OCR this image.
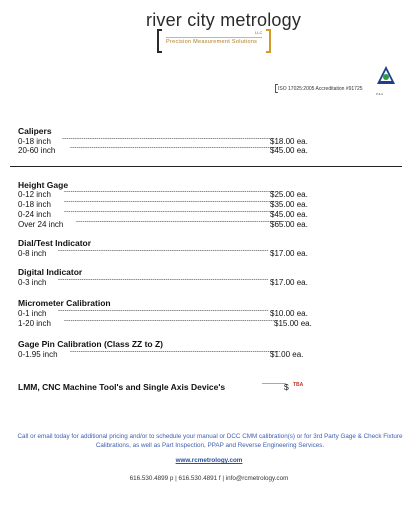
river city metrology
LLC
Precision Measurement Solutions
ISO 17025:2005 Accreditation #91725
PJLA
Calipers
0-18 inch --------------------------------------------------------------------------------------------------
$18.00 ea.
20-60 inch --------------------------------------------------------------------------------------------------
$45.00 ea.
Height Gage
0-12 inch --------------------------------------------------------------------------------------------------
$25.00 ea.
0-18 inch --------------------------------------------------------------------------------------------------
$35.00 ea.
0-24 inch --------------------------------------------------------------------------------------------------
$45.00 ea.
Over 24 inch --------------------------------------------------------------------------------------------------
$65.00 ea.
Dial/Test Indicator
0-8 inch -------------------------------------------------------------------------------------------------- $17.00 ea.
Digital Indicator
0-3 inch -------------------------------------------------------------------------------------------------- $17.00 ea.
Micrometer Calibration
0-1 inch -------------------------------------------------------------------------------------------------- $10.00 ea.
1-20 inch -------------------------------------------------------------------------------------------------- $15.00 ea.
Gage Pin Calibration (Class ZZ to Z)
0-1.95 inch --------------------------------------------------------------------------------------------------
$1.00 ea.
LMM, CNC Machine Tool's and Single Axis Device's	------------
$ TBA
Call or email today for additional pricing and/or to schedule your manual or DCC CMM calibration(s) or for 3rd Party Gage & Check Fixture Calibrations, as well as Part Inspection, PPAP and Reverse Engineering Services.
www.rcmetrology.com
616.530.4899 p | 616.530.4891 f | info@rcmetrology.com
